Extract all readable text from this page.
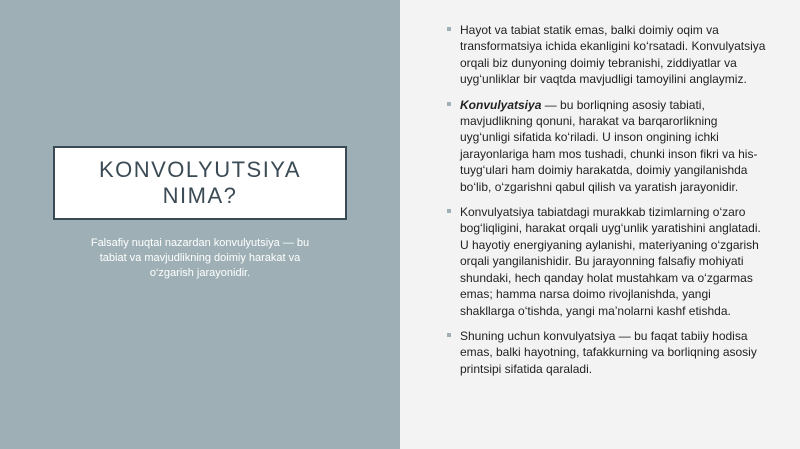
KONVOLYUTSIYA NIMA?

Falsafiy nuqtai nazardan konvulyutsiya — bu tabiat va mavjudlikning doimiy harakat va o‘zgarish jarayonidir.

Hayot va tabiat statik emas, balki doimiy oqim va transformatsiya ichida ekanligini ko‘rsatadi. Konvulyatsiya orqali biz dunyoning doimiy tebranishi, ziddiyatlar va uyg‘unliklar bir vaqtda mavjudligi tamoyilini anglaymiz.
Konvulyatsiya — bu borliqning asosiy tabiati, mavjudlikning qonuni, harakat va barqarorlikning uyg‘unligi sifatida ko‘riladi. U inson ongining ichki jarayonlariga ham mos tushadi, chunki inson fikri va his-tuyg‘ulari ham doimiy harakatda, doimiy yangilanishda bo‘lib, o‘zgarishni qabul qilish va yaratish jarayonidir.
Konvulyatsiya tabiatdagi murakkab tizimlarning o‘zaro bog‘liqligini, harakat orqali uyg‘unlik yaratishini anglatadi. U hayotiy energiyaning aylanishi, materiyaning o‘zgarish orqali yangilanishidir. Bu jarayonning falsafiy mohiyati shundaki, hech qanday holat mustahkam va o‘zgarmas emas; hamma narsa doimo rivojlanishda, yangi shakllarga o‘tishda, yangi ma’nolarni kashf etishda.
Shuning uchun konvulyatsiya — bu faqat tabiiy hodisa emas, balki hayotning, tafakkurning va borliqning asosiy printsipi sifatida qaraladi.
